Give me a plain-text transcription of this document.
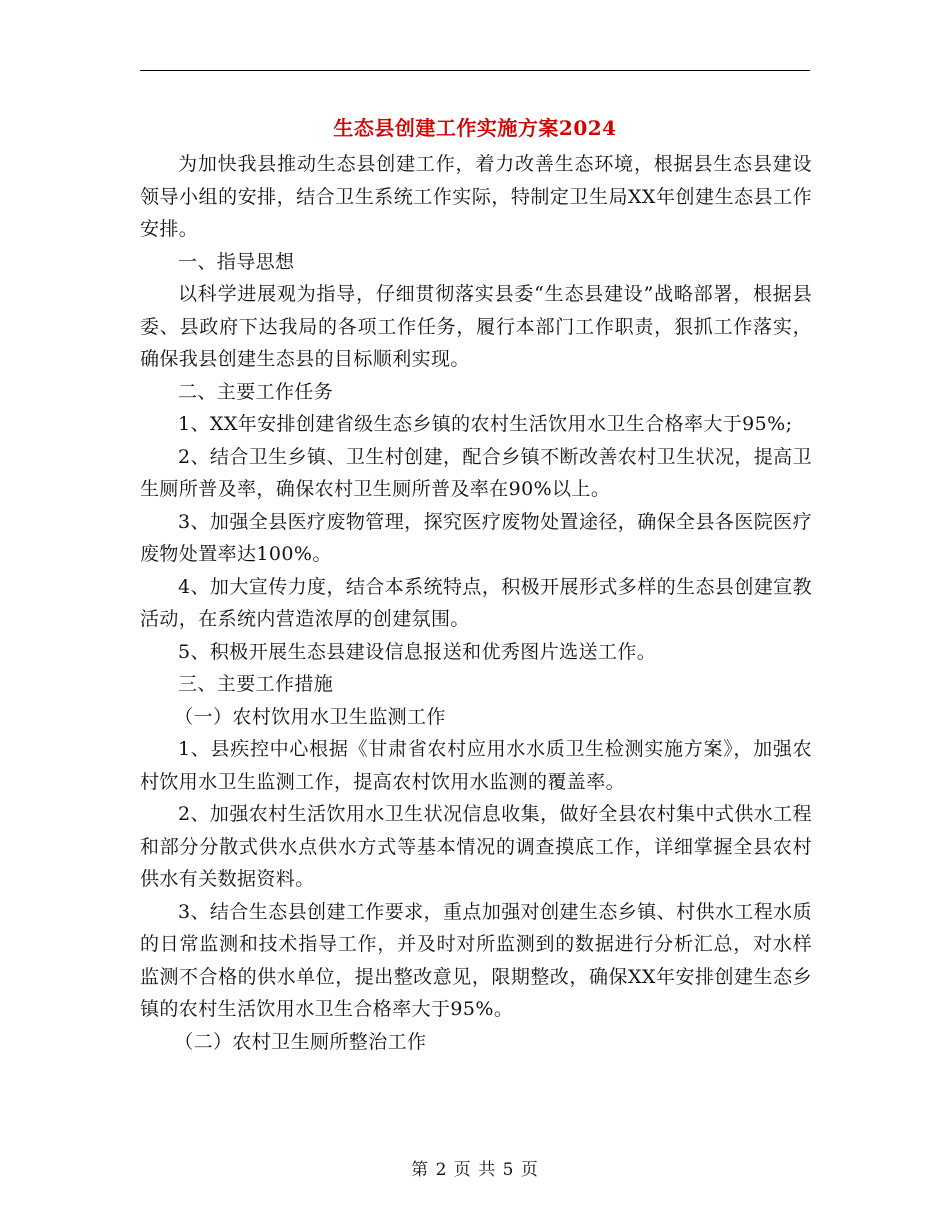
生态县创建工作实施方案2024

为加快我县推动生态县创建工作，着力改善生态环境，根据县生态县建设领导小组的安排，结合卫生系统工作实际，特制定卫生局XX年创建生态县工作安排。

一、指导思想

以科学进展观为指导，仔细贯彻落实县委“生态县建设”战略部署，根据县委、县政府下达我局的各项工作任务，履行本部门工作职责，狠抓工作落实，确保我县创建生态县的目标顺利实现。

二、主要工作任务

1、XX年安排创建省级生态乡镇的农村生活饮用水卫生合格率大于95%;

2、结合卫生乡镇、卫生村创建，配合乡镇不断改善农村卫生状况，提高卫生厕所普及率，确保农村卫生厕所普及率在90%以上。

3、加强全县医疗废物管理，探究医疗废物处置途径，确保全县各医院医疗废物处置率达100%。

4、加大宣传力度，结合本系统特点，积极开展形式多样的生态县创建宣教活动，在系统内营造浓厚的创建氛围。

5、积极开展生态县建设信息报送和优秀图片选送工作。

三、主要工作措施

（一）农村饮用水卫生监测工作

1、县疾控中心根据《甘肃省农村应用水水质卫生检测实施方案》，加强农村饮用水卫生监测工作，提高农村饮用水监测的覆盖率。

2、加强农村生活饮用水卫生状况信息收集，做好全县农村集中式供水工程和部分分散式供水点供水方式等基本情况的调查摸底工作，详细掌握全县农村供水有关数据资料。

3、结合生态县创建工作要求，重点加强对创建生态乡镇、村供水工程水质的日常监测和技术指导工作，并及时对所监测到的数据进行分析汇总，对水样监测不合格的供水单位，提出整改意见，限期整改，确保XX年安排创建生态乡镇的农村生活饮用水卫生合格率大于95%。

（二）农村卫生厕所整治工作

第 2 页 共 5 页
